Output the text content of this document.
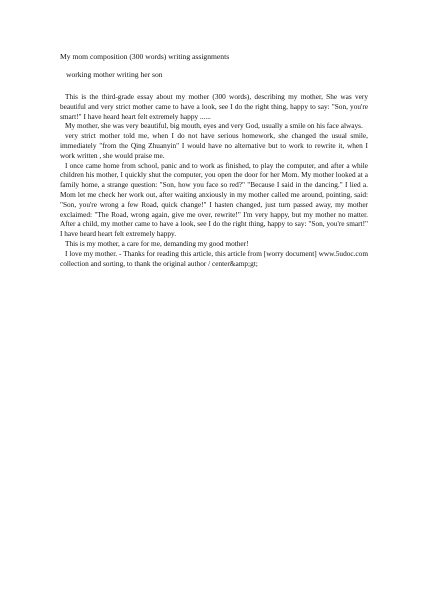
My mom composition (300 words) writing assignments
working mother writing her son

This is the third-grade essay about my mother (300 words), describing my mother, She was very beautiful and very strict mother came to have a look, see I do the right thing, happy to say: "Son, you're smart!" I have heard heart felt extremely happy ......

My mother, she was very beautiful, big mouth, eyes and very God, usually a smile on his face always.

very strict mother told me, when I do not have serious homework, she changed the usual smile, immediately "from the Qing Zhuanyin" I would have no alternative but to work to rewrite it, when I work written , she would praise me.

I once came home from school, panic and to work as finished, to play the computer, and after a while children his mother, I quickly shut the computer, you open the door for her Mom. My mother looked at a family home, a strange question: "Son, how you face so red?" "Because I said in the dancing." I lied a. Mom let me check her work out, after waiting anxiously in my mother called me around, pointing, said: "Son, you're wrong a few Road, quick change!" I hasten changed, just turn passed away, my mother exclaimed: "The Road, wrong again, give me over, rewrite!" I'm very happy, but my mother no matter. After a child, my mother came to have a look, see I do the right thing, happy to say: "Son, you're smart!" I have heard heart felt extremely happy.

This is my mother, a care for me, demanding my good mother!

I love my mother. - Thanks for reading this article, this article from [worry document] www.5udoc.com collection and sorting, to thank the original author / center&amp;gt;
